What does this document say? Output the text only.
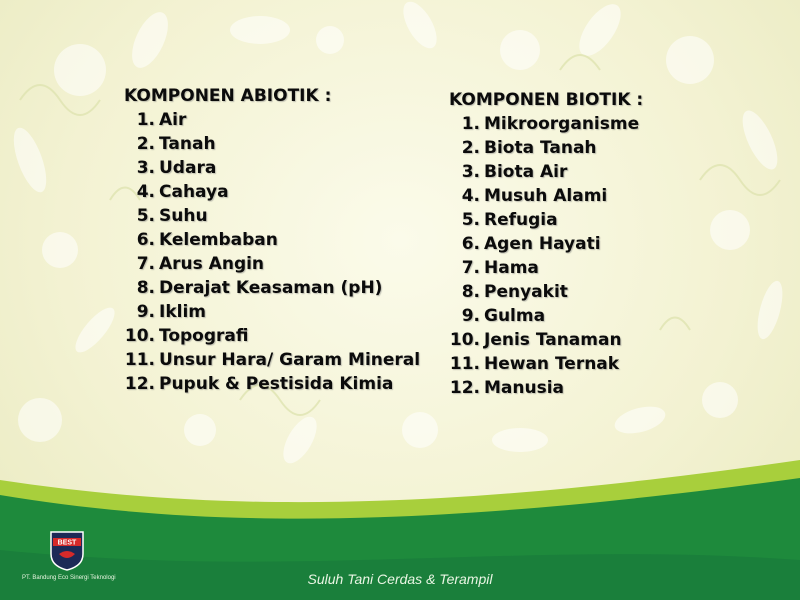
KOMPONEN ABIOTIK :
1. Air
2. Tanah
3. Udara
4. Cahaya
5. Suhu
6. Kelembaban
7. Arus Angin
8. Derajat Keasaman (pH)
9. Iklim
10. Topografi
11. Unsur Hara/ Garam Mineral
12. Pupuk & Pestisida Kimia
KOMPONEN BIOTIK :
1. Mikroorganisme
2. Biota Tanah
3. Biota Air
4. Musuh Alami
5. Refugia
6. Agen Hayati
7. Hama
8. Penyakit
9. Gulma
10. Jenis Tanaman
11. Hewan Ternak
12. Manusia
BEST
PT. Bandung Eco Sinergi Teknologi	Suluh Tani Cerdas & Terampil
